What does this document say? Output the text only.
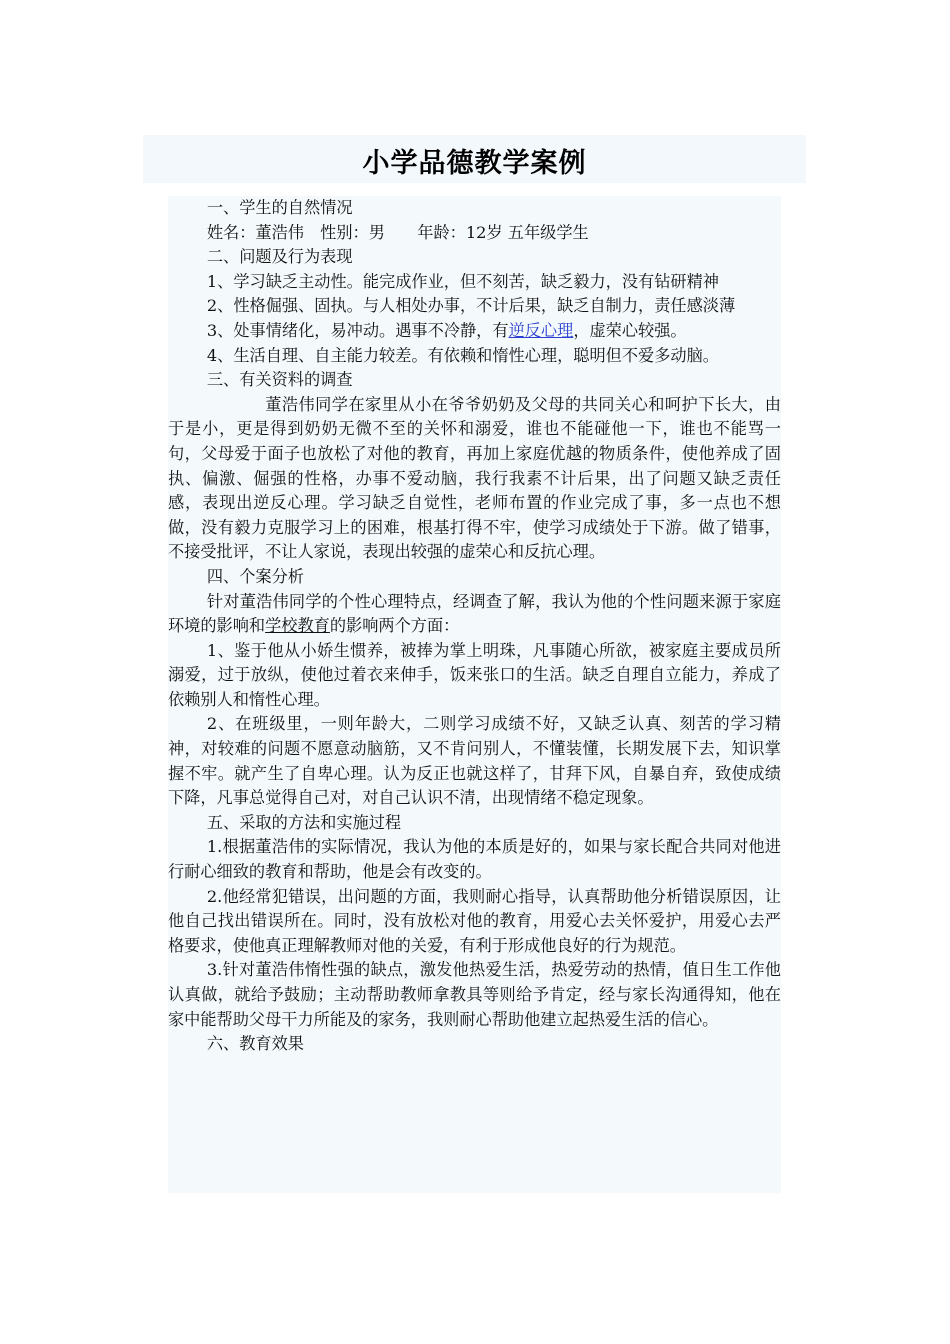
小学品德教学案例

一、学生的自然情况

姓名：董浩伟　性别：男　　年龄：12岁 五年级学生

二、问题及行为表现

1、学习缺乏主动性。能完成作业，但不刻苦，缺乏毅力，没有钻研精神

2、性格倔强、固执。与人相处办事，不计后果，缺乏自制力，责任感淡薄

3、处事情绪化，易冲动。遇事不冷静，有逆反心理，虚荣心较强。

4、生活自理、自主能力较差。有依赖和惰性心理，聪明但不爱多动脑。

三、有关资料的调查

董浩伟同学在家里从小在爷爷奶奶及父母的共同关心和呵护下长大，由于是小，更是得到奶奶无微不至的关怀和溺爱，谁也不能碰他一下，谁也不能骂一句，父母爱于面子也放松了对他的教育，再加上家庭优越的物质条件，使他养成了固执、偏激、倔强的性格，办事不爱动脑，我行我素不计后果，出了问题又缺乏责任感，表现出逆反心理。学习缺乏自觉性，老师布置的作业完成了事，多一点也不想做，没有毅力克服学习上的困难，根基打得不牢，使学习成绩处于下游。做了错事，不接受批评，不让人家说，表现出较强的虚荣心和反抗心理。

四、个案分析

针对董浩伟同学的个性心理特点，经调查了解，我认为他的个性问题来源于家庭环境的影响和学校教育的影响两个方面：

1、鉴于他从小娇生惯养，被捧为掌上明珠，凡事随心所欲，被家庭主要成员所溺爱，过于放纵，使他过着衣来伸手，饭来张口的生活。缺乏自理自立能力，养成了依赖别人和惰性心理。

2、在班级里，一则年龄大，二则学习成绩不好，又缺乏认真、刻苦的学习精神，对较难的问题不愿意动脑筋，又不肯问别人，不懂装懂，长期发展下去，知识掌握不牢。就产生了自卑心理。认为反正也就这样了，甘拜下风，自暴自弃，致使成绩下降，凡事总觉得自己对，对自己认识不清，出现情绪不稳定现象。

五、采取的方法和实施过程

1.根据董浩伟的实际情况，我认为他的本质是好的，如果与家长配合共同对他进行耐心细致的教育和帮助，他是会有改变的。

2.他经常犯错误，出问题的方面，我则耐心指导，认真帮助他分析错误原因，让他自己找出错误所在。同时，没有放松对他的教育，用爱心去关怀爱护，用爱心去严格要求，使他真正理解教师对他的关爱，有利于形成他良好的行为规范。

3.针对董浩伟惰性强的缺点，激发他热爱生活，热爱劳动的热情，值日生工作他认真做，就给予鼓励；主动帮助教师拿教具等则给予肯定，经与家长沟通得知，他在家中能帮助父母干力所能及的家务，我则耐心帮助他建立起热爱生活的信心。

六、教育效果
